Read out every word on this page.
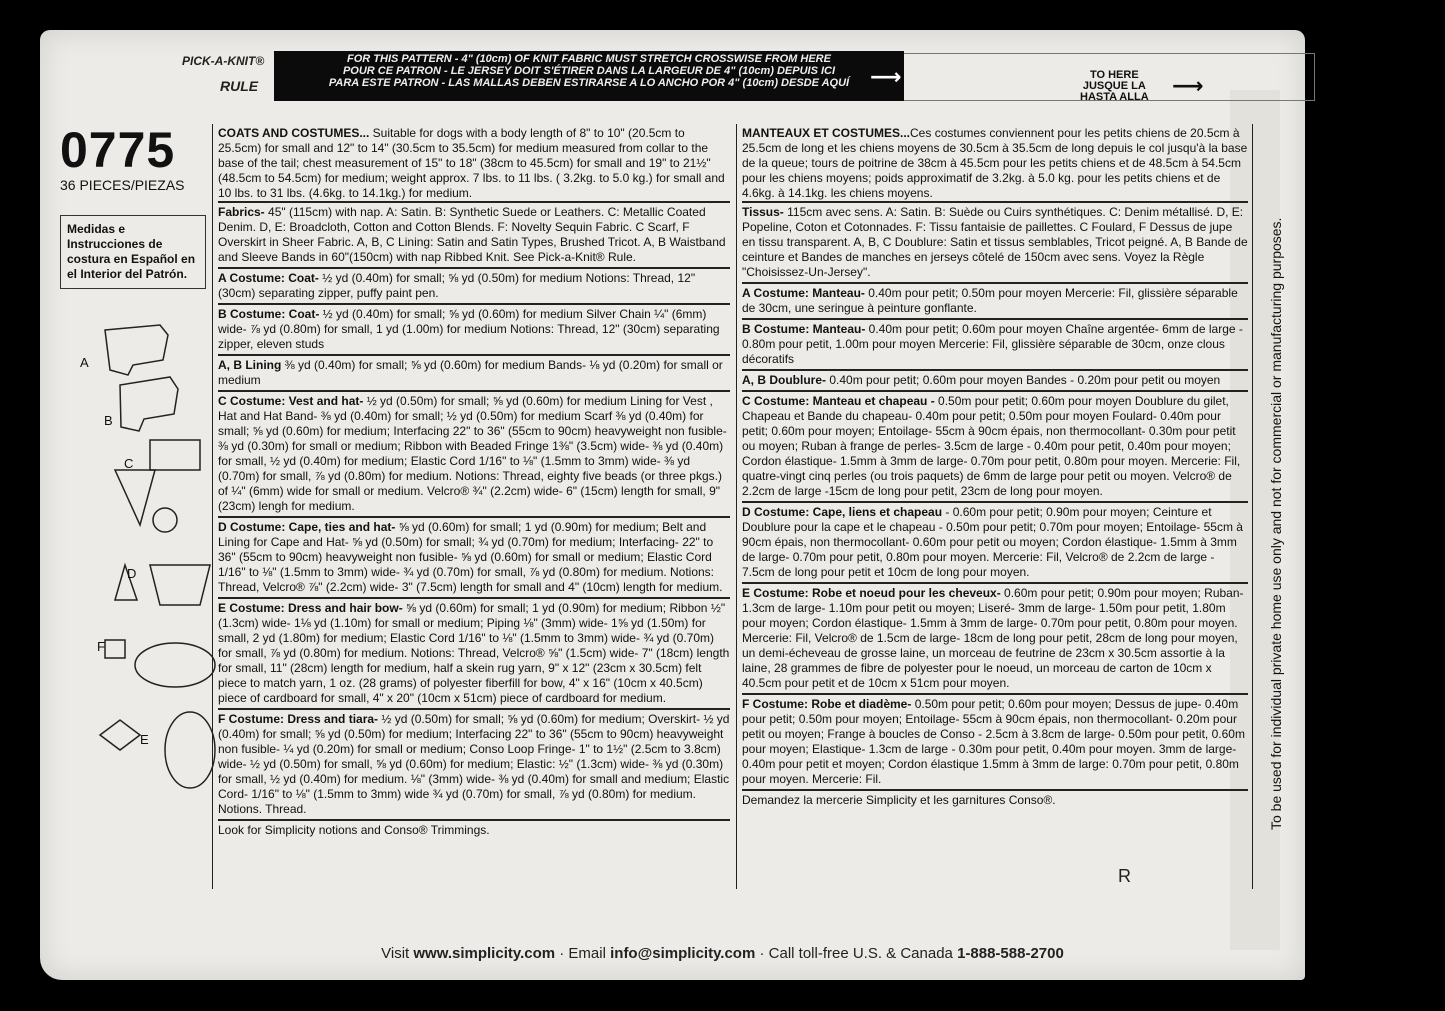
PICK-A-KNIT®
RULE
FOR THIS PATTERN - 4" (10cm) OF KNIT FABRIC MUST STRETCH CROSSWISE FROM HERE
POUR CE PATRON - LE JERSEY DOIT S'ÉTIRER DANS LA LARGEUR DE 4" (10cm) DEPUIS ICI
PARA ESTE PATRON - LAS MALLAS DEBEN ESTIRARSE A LO ANCHO POR 4" (10cm) DESDE AQUÍ ⟶	TO HERE
JUSQUE LA
HASTA ALLA ⟶
0775
36 PIECES/PIEZAS
Medidas e Instrucciones de costura en Español en el Interior del Patrón.
A
B
C
D
F
E

COATS AND COSTUMES... Suitable for dogs with a body length of 8" to 10" (20.5cm to 25.5cm) for small and 12" to 14" (30.5cm to 35.5cm) for medium measured from collar to the base of the tail; chest measurement of 15" to 18" (38cm to 45.5cm) for small and 19" to 21½" (48.5cm to 54.5cm) for medium; weight approx. 7 lbs. to 11 lbs. ( 3.2kg. to 5.0 kg.) for small and 10 lbs. to 31 lbs. (4.6kg. to 14.1kg.) for medium.

Fabrics- 45" (115cm) with nap. A: Satin. B: Synthetic Suede or Leathers. C: Metallic Coated Denim. D, E: Broadcloth, Cotton and Cotton Blends. F: Novelty Sequin Fabric. C Scarf, F Overskirt in Sheer Fabric. A, B, C Lining: Satin and Satin Types, Brushed Tricot. A, B Waistband and Sleeve Bands in 60"(150cm) with nap Ribbed Knit. See Pick-a-Knit® Rule.

A Costume: Coat- ½ yd (0.40m) for small; ⅝ yd (0.50m) for medium Notions: Thread, 12" (30cm) separating zipper, puffy paint pen.

B Costume: Coat- ½ yd (0.40m) for small; ⅝ yd (0.60m) for medium Silver Chain ¼" (6mm) wide- ⅞ yd (0.80m) for small, 1 yd (1.00m) for medium Notions: Thread, 12" (30cm) separating zipper, eleven studs

A, B Lining ⅜ yd (0.40m) for small; ⅝ yd (0.60m) for medium Bands- ⅛ yd (0.20m) for small or medium

C Costume: Vest and hat- ½ yd (0.50m) for small; ⅝ yd (0.60m) for medium Lining for Vest , Hat and Hat Band- ⅜ yd (0.40m) for small; ½ yd (0.50m) for medium Scarf ⅜ yd (0.40m) for small; ⅝ yd (0.60m) for medium; Interfacing 22" to 36" (55cm to 90cm) heavyweight non fusible- ⅜ yd (0.30m) for small or medium; Ribbon with Beaded Fringe 1⅜" (3.5cm) wide- ⅜ yd (0.40m) for small, ½ yd (0.40m) for medium; Elastic Cord 1/16" to ⅛" (1.5mm to 3mm) wide- ⅜ yd (0.70m) for small, ⅞ yd (0.80m) for medium. Notions: Thread, eighty five beads (or three pkgs.) of ¼" (6mm) wide for small or medium. Velcro® ¾" (2.2cm) wide- 6" (15cm) length for small, 9" (23cm) lengh for medium.

D Costume: Cape, ties and hat- ⅝ yd (0.60m) for small; 1 yd (0.90m) for medium; Belt and Lining for Cape and Hat- ⅝ yd (0.50m) for small; ¾ yd (0.70m) for medium; Interfacing- 22" to 36" (55cm to 90cm) heavyweight non fusible- ⅝ yd (0.60m) for small or medium; Elastic Cord 1/16" to ⅛" (1.5mm to 3mm) wide- ¾ yd (0.70m) for small, ⅞ yd (0.80m) for medium. Notions: Thread, Velcro® ⅞" (2.2cm) wide- 3" (7.5cm) length for small and 4" (10cm) length for medium.

E Costume: Dress and hair bow- ⅝ yd (0.60m) for small; 1 yd (0.90m) for medium; Ribbon ½" (1.3cm) wide- 1⅛ yd (1.10m) for small or medium; Piping ⅛" (3mm) wide- 1⅝ yd (1.50m) for small, 2 yd (1.80m) for medium; Elastic Cord 1/16" to ⅛" (1.5mm to 3mm) wide- ¾ yd (0.70m) for small, ⅞ yd (0.80m) for medium. Notions: Thread, Velcro® ⅝" (1.5cm) wide- 7" (18cm) length for small, 11" (28cm) length for medium, half a skein rug yarn, 9" x 12" (23cm x 30.5cm) felt piece to match yarn, 1 oz. (28 grams) of polyester fiberfill for bow, 4" x 16" (10cm x 40.5cm) piece of cardboard for small, 4" x 20" (10cm x 51cm) piece of cardboard for medium.

F Costume: Dress and tiara- ½ yd (0.50m) for small; ⅝ yd (0.60m) for medium; Overskirt- ½ yd (0.40m) for small; ⅝ yd (0.50m) for medium; Interfacing 22" to 36" (55cm to 90cm) heavyweight non fusible- ¼ yd (0.20m) for small or medium; Conso Loop Fringe- 1" to 1½" (2.5cm to 3.8cm) wide- ½ yd (0.50m) for small, ⅝ yd (0.60m) for medium; Elastic: ½" (1.3cm) wide- ⅜ yd (0.30m) for small, ½ yd (0.40m) for medium. ⅛" (3mm) wide- ⅜ yd (0.40m) for small and medium; Elastic Cord- 1/16" to ⅛" (1.5mm to 3mm) wide ¾ yd (0.70m) for small, ⅞ yd (0.80m) for medium. Notions. Thread.

Look for Simplicity notions and Conso® Trimmings.

MANTEAUX ET COSTUMES...Ces costumes conviennent pour les petits chiens de 20.5cm à 25.5cm de long et les chiens moyens de 30.5cm à 35.5cm de long depuis le col jusqu'à la base de la queue; tours de poitrine de 38cm à 45.5cm pour les petits chiens et de 48.5cm à 54.5cm pour les chiens moyens; poids approximatif de 3.2kg. à 5.0 kg. pour les petits chiens et de 4.6kg. à 14.1kg. les chiens moyens.

Tissus- 115cm avec sens. A: Satin. B: Suède ou Cuirs synthétiques. C: Denim métallisé. D, E: Popeline, Coton et Cotonnades. F: Tissu fantaisie de paillettes. C Foulard, F Dessus de jupe en tissu transparent. A, B, C Doublure: Satin et tissus semblables, Tricot peigné. A, B Bande de ceinture et Bandes de manches en jerseys côtelé de 150cm avec sens. Voyez la Règle "Choisissez-Un-Jersey".

A Costume: Manteau- 0.40m pour petit; 0.50m pour moyen Mercerie: Fil, glissière séparable de 30cm, une seringue à peinture gonflante.

B Costume: Manteau- 0.40m pour petit; 0.60m pour moyen Chaîne argentée- 6mm de large - 0.80m pour petit, 1.00m pour moyen Mercerie: Fil, glissière séparable de 30cm, onze clous décoratifs

A, B Doublure- 0.40m pour petit; 0.60m pour moyen Bandes - 0.20m pour petit ou moyen

C Costume: Manteau et chapeau - 0.50m pour petit; 0.60m pour moyen Doublure du gilet, Chapeau et Bande du chapeau- 0.40m pour petit; 0.50m pour moyen Foulard- 0.40m pour petit; 0.60m pour moyen; Entoilage- 55cm à 90cm épais, non thermocollant- 0.30m pour petit ou moyen; Ruban à frange de perles- 3.5cm de large - 0.40m pour petit, 0.40m pour moyen; Cordon élastique- 1.5mm à 3mm de large- 0.70m pour petit, 0.80m pour moyen. Mercerie: Fil, quatre-vingt cinq perles (ou trois paquets) de 6mm de large pour petit ou moyen. Velcro® de 2.2cm de large -15cm de long pour petit, 23cm de long pour moyen.

D Costume: Cape, liens et chapeau - 0.60m pour petit; 0.90m pour moyen; Ceinture et Doublure pour la cape et le chapeau - 0.50m pour petit; 0.70m pour moyen; Entoilage- 55cm à 90cm épais, non thermocollant- 0.60m pour petit ou moyen; Cordon élastique- 1.5mm à 3mm de large- 0.70m pour petit, 0.80m pour moyen. Mercerie: Fil, Velcro® de 2.2cm de large - 7.5cm de long pour petit et 10cm de long pour moyen.

E Costume: Robe et noeud pour les cheveux- 0.60m pour petit; 0.90m pour moyen; Ruban- 1.3cm de large- 1.10m pour petit ou moyen; Liseré- 3mm de large- 1.50m pour petit, 1.80m pour moyen; Cordon élastique- 1.5mm à 3mm de large- 0.70m pour petit, 0.80m pour moyen. Mercerie: Fil, Velcro® de 1.5cm de large- 18cm de long pour petit, 28cm de long pour moyen, un demi-écheveau de grosse laine, un morceau de feutrine de 23cm x 30.5cm assortie à la laine, 28 grammes de fibre de polyester pour le noeud, un morceau de carton de 10cm x 40.5cm pour petit et de 10cm x 51cm pour moyen.

F Costume: Robe et diadème- 0.50m pour petit; 0.60m pour moyen; Dessus de jupe- 0.40m pour petit; 0.50m pour moyen; Entoilage- 55cm à 90cm épais, non thermocollant- 0.20m pour petit ou moyen; Frange à boucles de Conso - 2.5cm à 3.8cm de large- 0.50m pour petit, 0.60m pour moyen; Elastique- 1.3cm de large - 0.30m pour petit, 0.40m pour moyen. 3mm de large- 0.40m pour petit et moyen; Cordon élastique 1.5mm à 3mm de large: 0.70m pour petit, 0.80m pour moyen. Mercerie: Fil.

Demandez la mercerie Simplicity et les garnitures Conso®.

R
To be used for individual private home use only and not for commercial or manufacturing purposes.
Visit www.simplicity.com · Email info@simplicity.com · Call toll-free U.S. & Canada 1-888-588-2700
